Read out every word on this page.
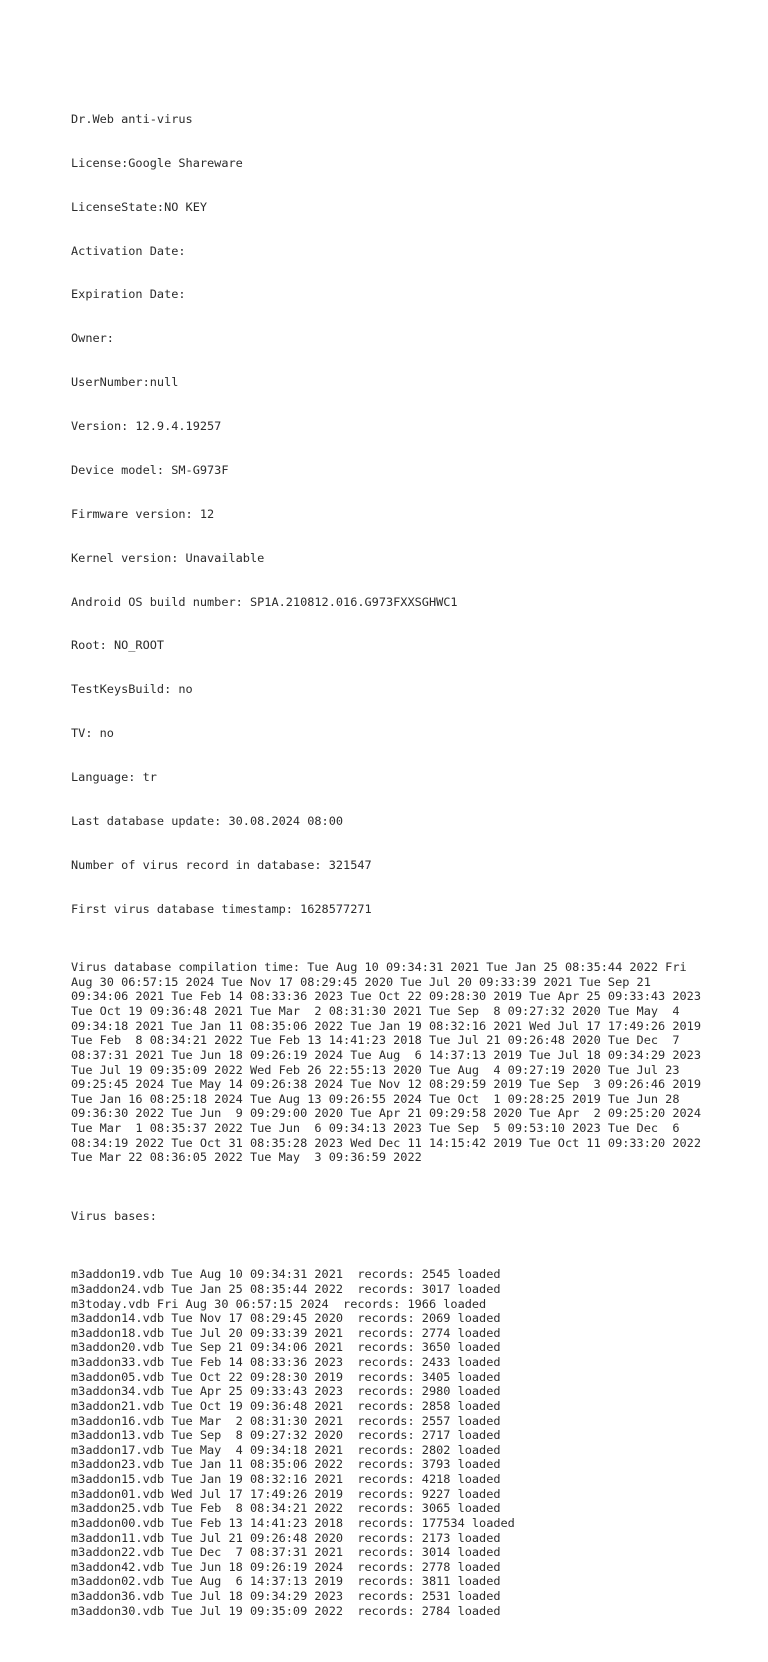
Dr.Web anti-virus

License:Google Shareware

LicenseState:NO KEY

Activation Date:

Expiration Date:

Owner:

UserNumber:null

Version: 12.9.4.19257

Device model: SM-G973F

Firmware version: 12

Kernel version: Unavailable

Android OS build number: SP1A.210812.016.G973FXXSGHWC1

Root: NO_ROOT

TestKeysBuild: no

TV: no

Language: tr

Last database update: 30.08.2024 08:00

Number of virus record in database: 321547

First virus database timestamp: 1628577271

Virus database compilation time: Tue Aug 10 09:34:31 2021 Tue Jan 25 08:35:44 2022 Fri Aug 30 06:57:15 2024 Tue Nov 17 08:29:45 2020 Tue Jul 20 09:33:39 2021 Tue Sep 21 09:34:06 2021 Tue Feb 14 08:33:36 2023 Tue Oct 22 09:28:30 2019 Tue Apr 25 09:33:43 2023 Tue Oct 19 09:36:48 2021 Tue Mar  2 08:31:30 2021 Tue Sep  8 09:27:32 2020 Tue May  4 09:34:18 2021 Tue Jan 11 08:35:06 2022 Tue Jan 19 08:32:16 2021 Wed Jul 17 17:49:26 2019 Tue Feb  8 08:34:21 2022 Tue Feb 13 14:41:23 2018 Tue Jul 21 09:26:48 2020 Tue Dec  7 08:37:31 2021 Tue Jun 18 09:26:19 2024 Tue Aug  6 14:37:13 2019 Tue Jul 18 09:34:29 2023 Tue Jul 19 09:35:09 2022 Wed Feb 26 22:55:13 2020 Tue Aug  4 09:27:19 2020 Tue Jul 23 09:25:45 2024 Tue May 14 09:26:38 2024 Tue Nov 12 08:29:59 2019 Tue Sep  3 09:26:46 2019 Tue Jan 16 08:25:18 2024 Tue Aug 13 09:26:55 2024 Tue Oct  1 09:28:25 2019 Tue Jun 28 09:36:30 2022 Tue Jun  9 09:29:00 2020 Tue Apr 21 09:29:58 2020 Tue Apr  2 09:25:20 2024 Tue Mar  1 08:35:37 2022 Tue Jun  6 09:34:13 2023 Tue Sep  5 09:53:10 2023 Tue Dec  6 08:34:19 2022 Tue Oct 31 08:35:28 2023 Wed Dec 11 14:15:42 2019 Tue Oct 11 09:33:20 2022 Tue Mar 22 08:36:05 2022 Tue May  3 09:36:59 2022

Virus bases:

m3addon19.vdb Tue Aug 10 09:34:31 2021  records: 2545 loaded
m3addon24.vdb Tue Jan 25 08:35:44 2022  records: 3017 loaded
m3today.vdb Fri Aug 30 06:57:15 2024  records: 1966 loaded
m3addon14.vdb Tue Nov 17 08:29:45 2020  records: 2069 loaded
m3addon18.vdb Tue Jul 20 09:33:39 2021  records: 2774 loaded
m3addon20.vdb Tue Sep 21 09:34:06 2021  records: 3650 loaded
m3addon33.vdb Tue Feb 14 08:33:36 2023  records: 2433 loaded
m3addon05.vdb Tue Oct 22 09:28:30 2019  records: 3405 loaded
m3addon34.vdb Tue Apr 25 09:33:43 2023  records: 2980 loaded
m3addon21.vdb Tue Oct 19 09:36:48 2021  records: 2858 loaded
m3addon16.vdb Tue Mar  2 08:31:30 2021  records: 2557 loaded
m3addon13.vdb Tue Sep  8 09:27:32 2020  records: 2717 loaded
m3addon17.vdb Tue May  4 09:34:18 2021  records: 2802 loaded
m3addon23.vdb Tue Jan 11 08:35:06 2022  records: 3793 loaded
m3addon15.vdb Tue Jan 19 08:32:16 2021  records: 4218 loaded
m3addon01.vdb Wed Jul 17 17:49:26 2019  records: 9227 loaded
m3addon25.vdb Tue Feb  8 08:34:21 2022  records: 3065 loaded
m3addon00.vdb Tue Feb 13 14:41:23 2018  records: 177534 loaded
m3addon11.vdb Tue Jul 21 09:26:48 2020  records: 2173 loaded
m3addon22.vdb Tue Dec  7 08:37:31 2021  records: 3014 loaded
m3addon42.vdb Tue Jun 18 09:26:19 2024  records: 2778 loaded
m3addon02.vdb Tue Aug  6 14:37:13 2019  records: 3811 loaded
m3addon36.vdb Tue Jul 18 09:34:29 2023  records: 2531 loaded
m3addon30.vdb Tue Jul 19 09:35:09 2022  records: 2784 loaded
